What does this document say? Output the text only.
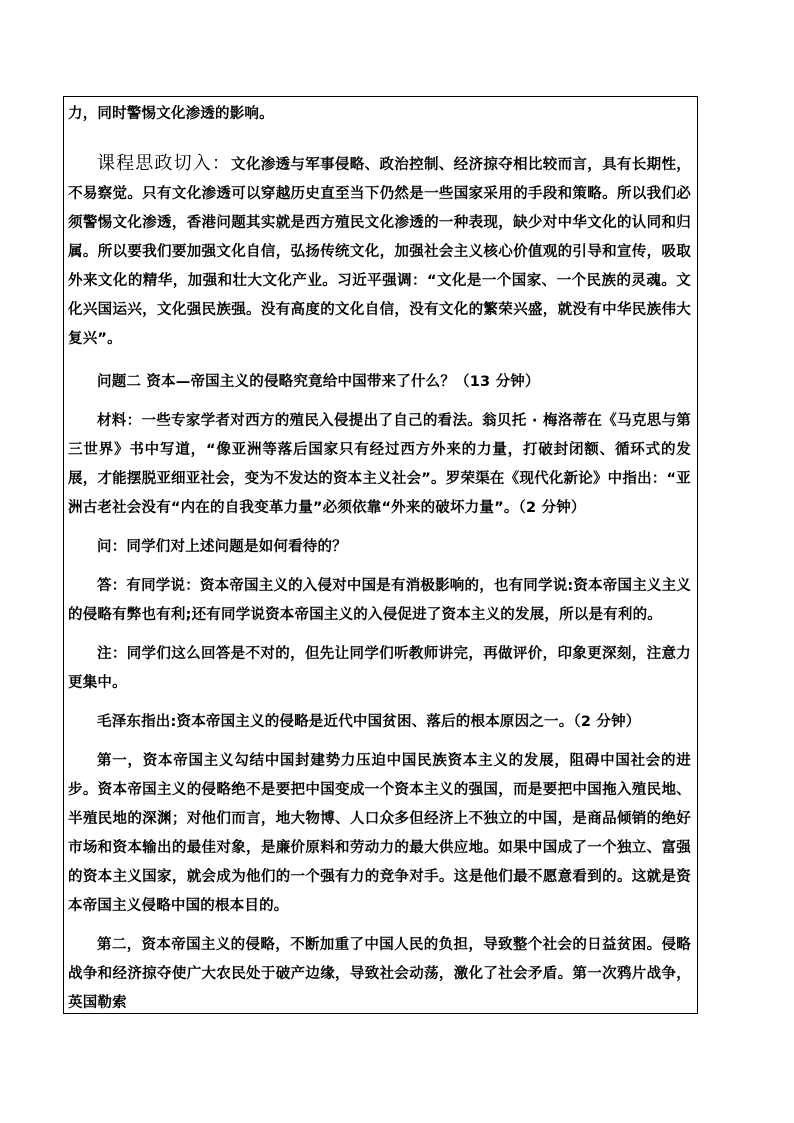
力，同时警惕文化渗透的影响。

课程思政切入：文化渗透与军事侵略、政治控制、经济掠夺相比较而言，具有长期性，不易察觉。只有文化渗透可以穿越历史直至当下仍然是一些国家采用的手段和策略。所以我们必须警惕文化渗透，香港问题其实就是西方殖民文化渗透的一种表现，缺少对中华文化的认同和归属。所以要我们要加强文化自信，弘扬传统文化，加强社会主义核心价值观的引导和宣传，吸取外来文化的精华，加强和壮大文化产业。习近平强调：“文化是一个国家、一个民族的灵魂。文化兴国运兴，文化强民族强。没有高度的文化自信，没有文化的繁荣兴盛，就没有中华民族伟大复兴”。

问题二 资本—帝国主义的侵略究竟给中国带来了什么？（13 分钟）

材料：一些专家学者对西方的殖民入侵提出了自己的看法。翁贝托 · 梅洛蒂在《马克思与第三世界》书中写道，“像亚洲等落后国家只有经过西方外来的力量，打破封闭额、循环式的发展，才能摆脱亚细亚社会，变为不发达的资本主义社会”。罗荣渠在《现代化新论》中指出：“亚洲古老社会没有“内在的自我变革力量”必须依靠“外来的破坏力量”。（2 分钟）

问：同学们对上述问题是如何看待的？

答：有同学说：资本帝国主义的入侵对中国是有消极影响的，也有同学说:资本帝国主义主义的侵略有弊也有利;还有同学说资本帝国主义的入侵促进了资本主义的发展，所以是有利的。

注：同学们这么回答是不对的，但先让同学们听教师讲完，再做评价，印象更深刻，注意力更集中。

毛泽东指出:资本帝国主义的侵略是近代中国贫困、落后的根本原因之一。（2 分钟）

第一，资本帝国主义勾结中国封建势力压迫中国民族资本主义的发展，阻碍中国社会的进步。资本帝国主义的侵略绝不是要把中国变成一个资本主义的强国，而是要把中国拖入殖民地、半殖民地的深渊；对他们而言，地大物博、人口众多但经济上不独立的中国，是商品倾销的绝好市场和资本输出的最佳对象，是廉价原料和劳动力的最大供应地。如果中国成了一个独立、富强的资本主义国家，就会成为他们的一个强有力的竞争对手。这是他们最不愿意看到的。这就是资本帝国主义侵略中国的根本目的。

第二，资本帝国主义的侵略，不断加重了中国人民的负担，导致整个社会的日益贫困。侵略战争和经济掠夺使广大农民处于破产边缘，导致社会动荡，激化了社会矛盾。第一次鸦片战争，英国勒索
